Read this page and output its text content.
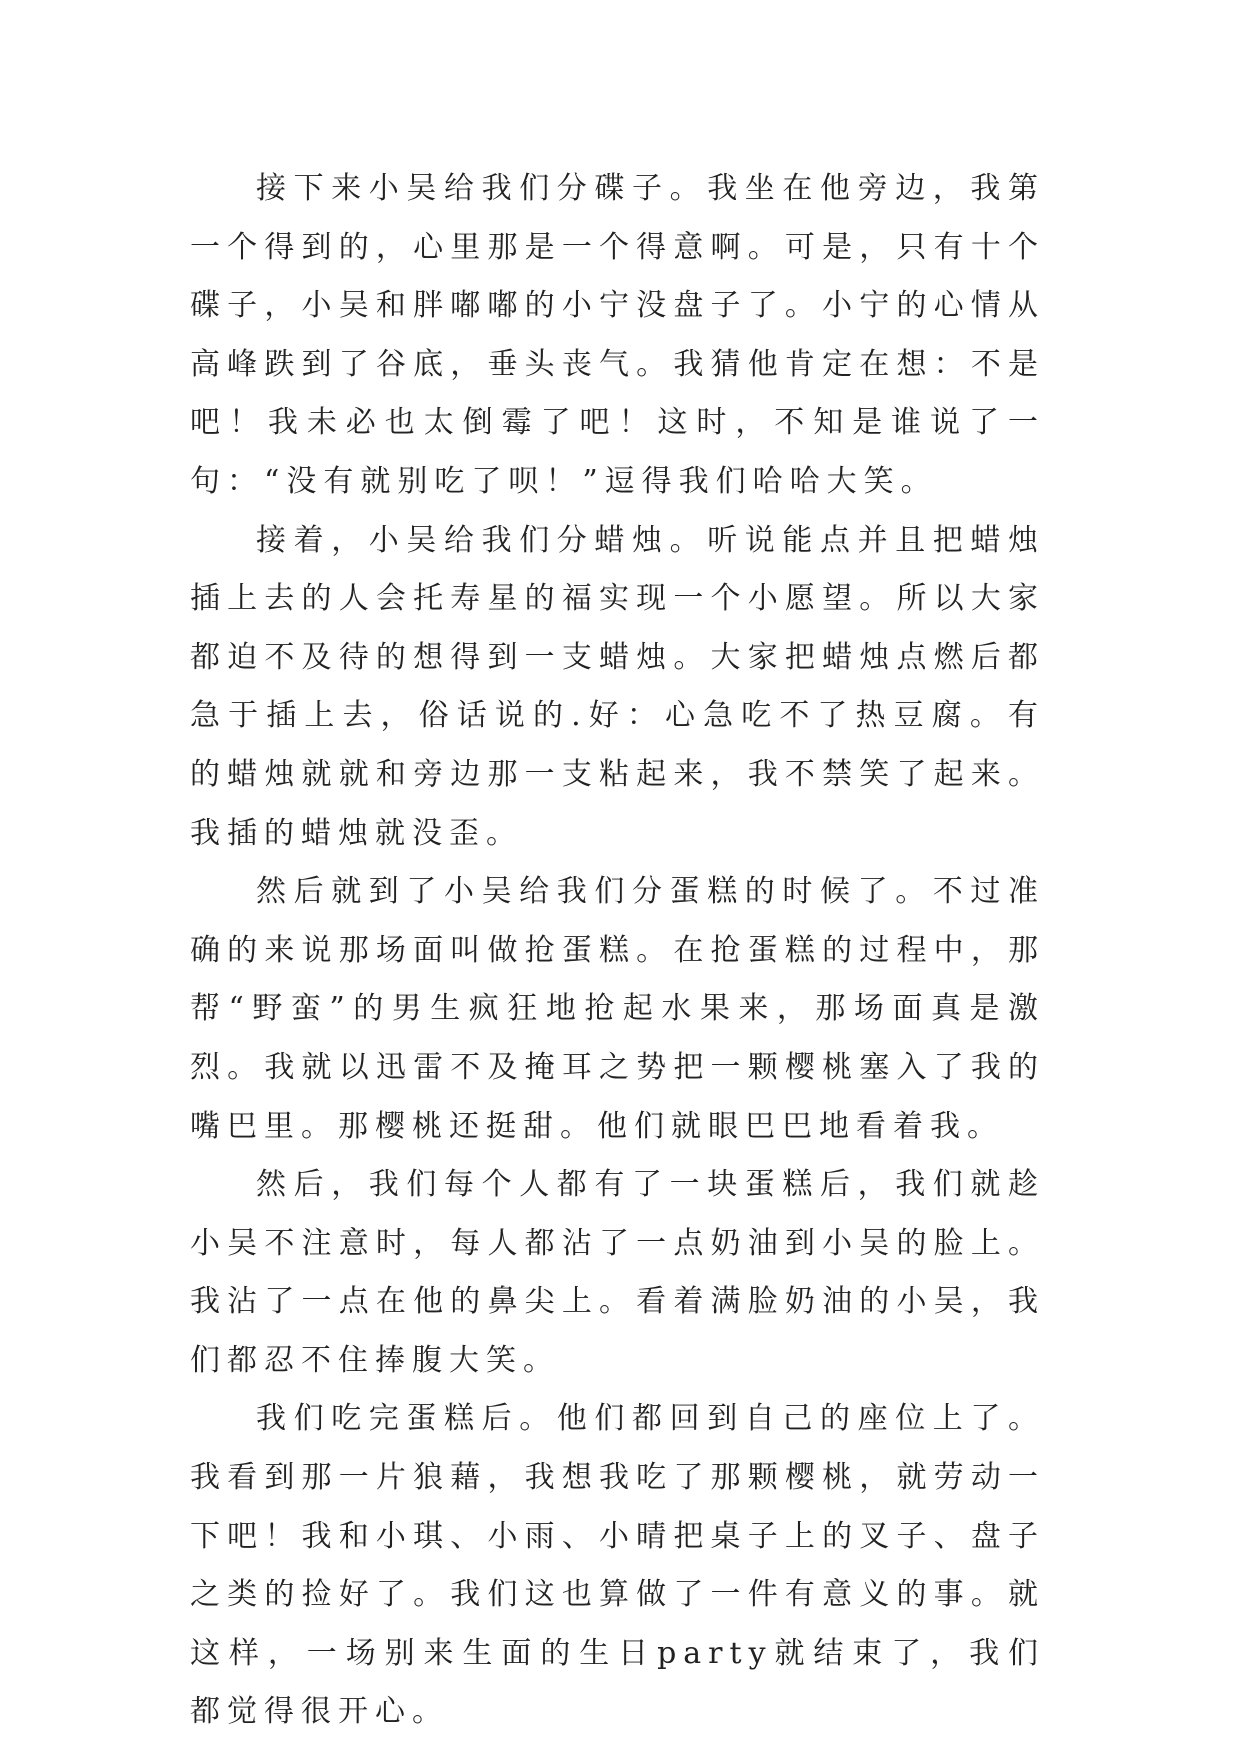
接下来小吴给我们分碟子。我坐在他旁边，我第一个得到的，心里那是一个得意啊。可是，只有十个碟子，小吴和胖嘟嘟的小宁没盘子了。小宁的心情从高峰跌到了谷底，垂头丧气。我猜他肯定在想：不是吧！我未必也太倒霉了吧！这时，不知是谁说了一句：“没有就别吃了呗！”逗得我们哈哈大笑。

接着，小吴给我们分蜡烛。听说能点并且把蜡烛插上去的人会托寿星的福实现一个小愿望。所以大家都迫不及待的想得到一支蜡烛。大家把蜡烛点燃后都急于插上去，俗话说的.好：心急吃不了热豆腐。有的蜡烛就就和旁边那一支粘起来，我不禁笑了起来。我插的蜡烛就没歪。

然后就到了小吴给我们分蛋糕的时候了。不过准确的来说那场面叫做抢蛋糕。在抢蛋糕的过程中，那帮“野蛮”的男生疯狂地抢起水果来，那场面真是激烈。我就以迅雷不及掩耳之势把一颗樱桃塞入了我的嘴巴里。那樱桃还挺甜。他们就眼巴巴地看着我。

然后，我们每个人都有了一块蛋糕后，我们就趁小吴不注意时，每人都沾了一点奶油到小吴的脸上。我沾了一点在他的鼻尖上。看着满脸奶油的小吴，我们都忍不住捧腹大笑。

我们吃完蛋糕后。他们都回到自己的座位上了。我看到那一片狼藉，我想我吃了那颗樱桃，就劳动一下吧！我和小琪、小雨、小晴把桌子上的叉子、盘子之类的捡好了。我们这也算做了一件有意义的事。就这样，一场别来生面的生日party就结束了，我们都觉得很开心。
